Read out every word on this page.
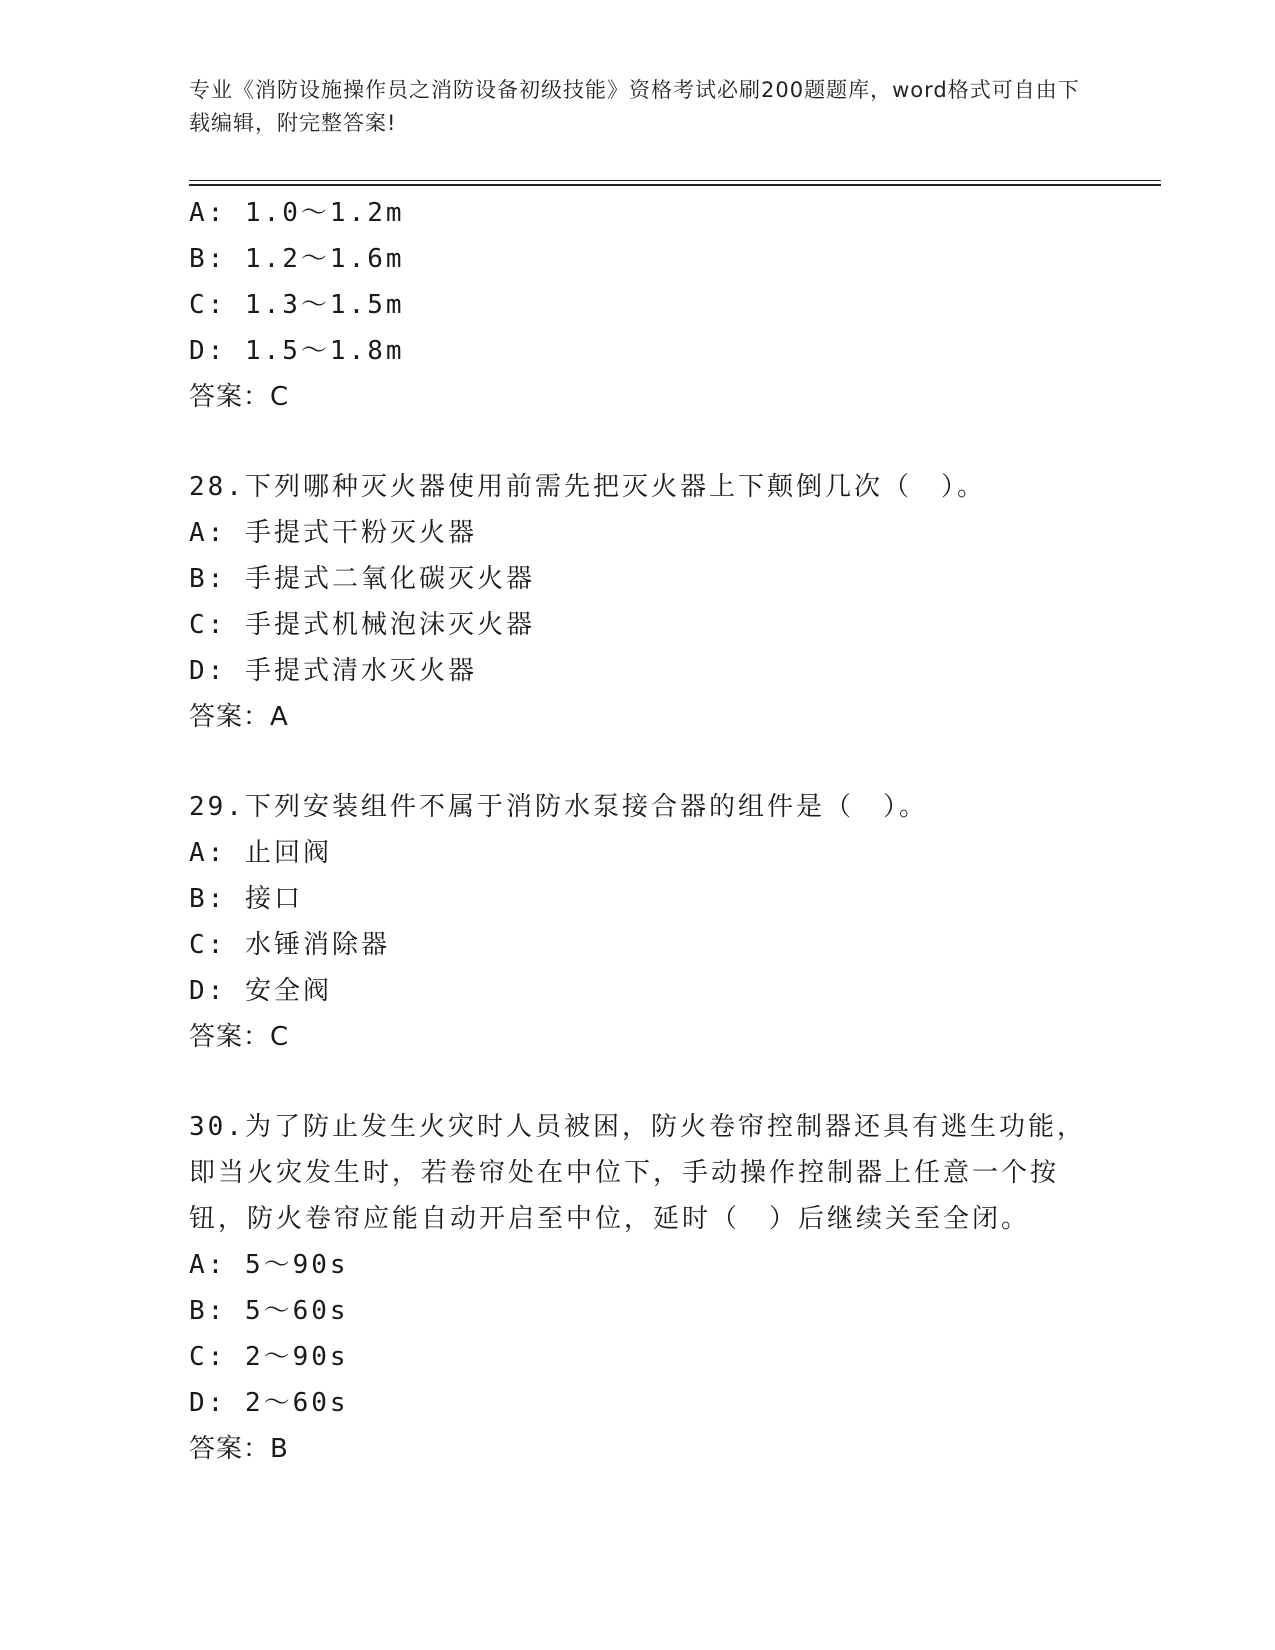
专业《消防设施操作员之消防设备初级技能》资格考试必刷200题题库，word格式可自由下载编辑，附完整答案!
A: 1.0～1.2m
B: 1.2～1.6m
C: 1.3～1.5m
D: 1.5～1.8m
答案：C
28.下列哪种灭火器使用前需先把灭火器上下颠倒几次（　）。
A: 手提式干粉灭火器
B: 手提式二氧化碳灭火器
C: 手提式机械泡沫灭火器
D: 手提式清水灭火器
答案：A
29.下列安装组件不属于消防水泵接合器的组件是（　）。
A: 止回阀
B: 接口
C: 水锤消除器
D: 安全阀
答案：C
30.为了防止发生火灾时人员被困，防火卷帘控制器还具有逃生功能，
即当火灾发生时，若卷帘处在中位下，手动操作控制器上任意一个按
钮，防火卷帘应能自动开启至中位，延时（　）后继续关至全闭。
A: 5～90s
B: 5～60s
C: 2～90s
D: 2～60s
答案：B
